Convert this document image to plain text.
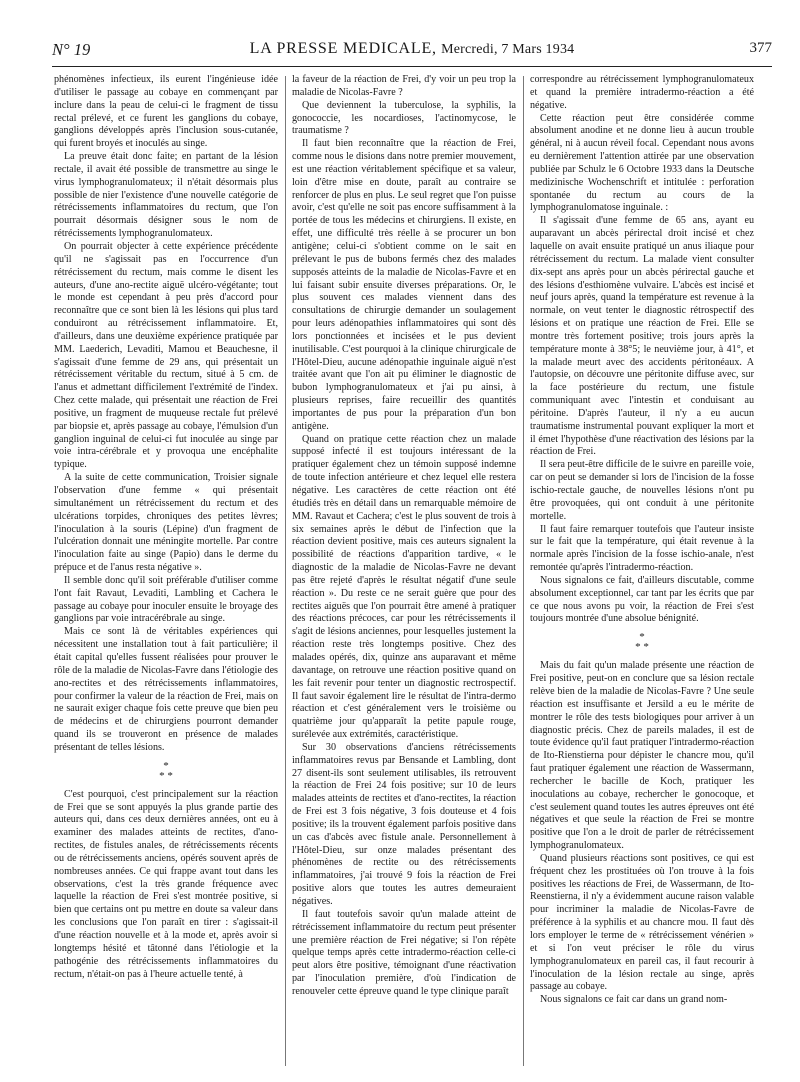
N° 19	LA PRESSE MEDICALE, Mercredi, 7 Mars 1934	377

phénomènes infectieux, ils eurent l'ingénieuse idée d'utiliser le passage au cobaye en commençant par inclure dans la peau de celui-ci le fragment de tissu rectal prélevé, et ce furent les ganglions du cobaye, ganglions développés après l'inclusion sous-cutanée, qui furent broyés et inoculés au singe.

La preuve était donc faite; en partant de la lésion rectale, il avait été possible de transmettre au singe le virus lymphogranulomateux; il n'était désormais plus possible de nier l'existence d'une nouvelle catégorie de rétrécissements inflammatoires du rectum, que l'on pourrait désormais désigner sous le nom de rétrécissements lymphogranulomateux.

On pourrait objecter à cette expérience précédente qu'il ne s'agissait pas en l'occurrence d'un rétrécissement du rectum, mais comme le disent les auteurs, d'une ano-rectite aiguë ulcéro-végétante; tout le monde est cependant à peu près d'accord pour reconnaître que ce sont bien là les lésions qui plus tard conduiront au rétrécissement inflammatoire. Et, d'ailleurs, dans une deuxième expérience pratiquée par MM. Laederich, Levaditi, Mamou et Beauchesne, il s'agissait d'une femme de 29 ans, qui présentait un rétrécissement véritable du rectum, situé à 5 cm. de l'anus et admettant difficilement l'extrémité de l'index. Chez cette malade, qui présentait une réaction de Frei positive, un fragment de muqueuse rectale fut prélevé par biopsie et, après passage au cobaye, l'émulsion d'un ganglion inguinal de celui-ci fut inoculée au singe par voie intra-cérébrale et y provoqua une encéphalite typique.

A la suite de cette communication, Troisier signale l'observation d'une femme « qui présentait simultanément un rétrécissement du rectum et des ulcérations torpides, chroniques des petites lèvres; l'inoculation à la souris (Lépine) d'un fragment de l'ulcération donnait une méningite mortelle. Par contre l'inoculation faite au singe (Papio) dans le derme du prépuce et de l'anus resta négative ».

Il semble donc qu'il soit préférable d'utiliser comme l'ont fait Ravaut, Levaditi, Lambling et Cachera le passage au cobaye pour inoculer ensuite le broyage des ganglions par voie intracérébrale au singe.

Mais ce sont là de véritables expériences qui nécessitent une installation tout à fait particulière; il était capital qu'elles fussent réalisées pour prouver le rôle de la maladie de Nicolas-Favre dans l'étiologie des ano-rectites et des rétrécissements inflammatoires, pour confirmer la valeur de la réaction de Frei, mais on ne saurait exiger chaque fois cette preuve que bien peu de médecins et de chirurgiens pourront demander quand ils se trouveront en présence de malades présentant de telles lésions.

*
* *

C'est pourquoi, c'est principalement sur la réaction de Frei que se sont appuyés la plus grande partie des auteurs qui, dans ces deux dernières années, ont eu à examiner des malades atteints de rectites, d'ano-rectites, de fistules anales, de rétrécissements récents ou de rétrécissements anciens, opérés souvent après de nombreuses années. Ce qui frappe avant tout dans les observations, c'est la très grande fréquence avec laquelle la réaction de Frei s'est montrée positive, si bien que certains ont pu mettre en doute sa valeur dans les conclusions que l'on paraît en tirer : s'agissait-il d'une réaction nouvelle et à la mode et, après avoir si longtemps hésité et tâtonné dans l'étiologie et la pathogénie des rétrécissements inflammatoires du rectum, n'était-on pas à l'heure actuelle tenté, à

la faveur de la réaction de Frei, d'y voir un peu trop la maladie de Nicolas-Favre ?

Que deviennent la tuberculose, la syphilis, la gonococcie, les nocardioses, l'actinomycose, le traumatisme ?

Il faut bien reconnaître que la réaction de Frei, comme nous le disions dans notre premier mouvement, est une réaction véritablement spécifique et sa valeur, loin d'être mise en doute, paraît au contraire se renforcer de plus en plus. Le seul regret que l'on puisse avoir, c'est qu'elle ne soit pas encore suffisamment à la portée de tous les médecins et chirurgiens. Il existe, en effet, une difficulté très réelle à se procurer un bon antigène; celui-ci s'obtient comme on le sait en prélevant le pus de bubons fermés chez des malades supposés atteints de la maladie de Nicolas-Favre et en lui faisant subir ensuite diverses préparations. Or, le plus souvent ces malades viennent dans des consultations de chirurgie demander un soulagement pour leurs adénopathies inflammatoires qui sont dès lors ponctionnées et incisées et le pus devient inutilisable. C'est pourquoi à la clinique chirurgicale de l'Hôtel-Dieu, aucune adénopathie inguinale aiguë n'est traitée avant que l'on ait pu éliminer le diagnostic de bubon lymphogranulomateux et j'ai pu ainsi, à plusieurs reprises, faire recueillir des quantités importantes de pus pour la préparation d'un bon antigène.

Quand on pratique cette réaction chez un malade supposé infecté il est toujours intéressant de la pratiquer également chez un témoin supposé indemne de toute infection antérieure et chez lequel elle restera négative. Les caractères de cette réaction ont été étudiés très en détail dans un remarquable mémoire de MM. Ravaut et Cachera; c'est le plus souvent de trois à six semaines après le début de l'infection que la réaction devient positive, mais ces auteurs signalent la possibilité de réactions d'apparition tardive, « le diagnostic de la maladie de Nicolas-Favre ne devant pas être rejeté d'après le résultat négatif d'une seule réaction ». Du reste ce ne serait guère que pour des rectites aiguës que l'on pourrait être amené à pratiquer des réactions précoces, car pour les rétrécissements il s'agit de lésions anciennes, pour lesquelles justement la réaction reste très longtemps positive. Chez des malades opérés, dix, quinze ans auparavant et même davantage, on retrouve une réaction positive quand on les fait revenir pour tenter un diagnostic rectrospectif. Il faut savoir également lire le résultat de l'intra-dermo réaction et c'est généralement vers le troisième ou quatrième jour qu'apparaît la petite papule rouge, surélevée aux extrémités, caractéristique.

Sur 30 observations d'anciens rétrécissements inflammatoires revus par Bensande et Lambling, dont 27 disent-ils sont seulement utilisables, ils retrouvent la réaction de Frei 24 fois positive; sur 10 de leurs malades atteints de rectites et d'ano-rectites, la réaction de Frei est 3 fois négative, 3 fois douteuse et 4 fois positive; ils la trouvent également parfois positive dans un cas d'abcès avec fistule anale. Personnellement à l'Hôtel-Dieu, sur onze malades présentant des phénomènes de rectite ou des rétrécissements inflammatoires, j'ai trouvé 9 fois la réaction de Frei positive alors que toutes les autres demeuraient négatives.

Il faut toutefois savoir qu'un malade atteint de rétrécissement inflammatoire du rectum peut présenter une première réaction de Frei négative; si l'on répète quelque temps après cette intradermo-réaction celle-ci peut alors être positive, témoignant d'une réactivation par l'inoculation première, d'où l'indication de renouveler cette épreuve quand le type clinique paraît

correspondre au rétrécissement lymphogranulomateux et quand la première intradermo-réaction a été négative.

Cette réaction peut être considérée comme absolument anodine et ne donne lieu à aucun trouble général, ni à aucun réveil focal. Cependant nous avons eu dernièrement l'attention attirée par une observation publiée par Schulz le 6 Octobre 1933 dans la Deutsche medizinische Wochenschrift et intitulée : perforation spontanée du rectum au cours de la lymphogranulomatose inguinale. :

Il s'agissait d'une femme de 65 ans, ayant eu auparavant un abcès périrectal droit incisé et chez laquelle on avait ensuite pratiqué un anus iliaque pour rétrécissement du rectum. La malade vient consulter dix-sept ans après pour un abcès périrectal gauche et des lésions d'esthiomène vulvaire. L'abcès est incisé et neuf jours après, quand la température est revenue à la normale, on veut tenter le diagnostic rétrospectif des lésions et on pratique une réaction de Frei. Elle se montre très fortement positive; trois jours après la température monte à 38°5; le neuvième jour, à 41°, et la malade meurt avec des accidents péritonéaux. A l'autopsie, on découvre une péritonite diffuse avec, sur la face postérieure du rectum, une fistule communiquant avec l'intestin et conduisant au péritoine. D'après l'auteur, il n'y a eu aucun traumatisme instrumental pouvant expliquer la mort et il émet l'hypothèse d'une réactivation des lésions par la réaction de Frei.

Il sera peut-être difficile de le suivre en pareille voie, car on peut se demander si lors de l'incision de la fosse ischio-rectale gauche, de nouvelles lésions n'ont pu être provoquées, qui ont conduit à une péritonite mortelle.

Il faut faire remarquer toutefois que l'auteur insiste sur le fait que la température, qui était revenue à la normale après l'incision de la fosse ischio-anale, n'est remontée qu'après l'intradermo-réaction.

Nous signalons ce fait, d'ailleurs discutable, comme absolument exceptionnel, car tant par les écrits que par ce que nous avons pu voir, la réaction de Frei s'est toujours montrée d'une absolue bénignité.

*
* *

Mais du fait qu'un malade présente une réaction de Frei positive, peut-on en conclure que sa lésion rectale relève bien de la maladie de Nicolas-Favre ? Une seule réaction est insuffisante et Jersild a eu le mérite de montrer le rôle des tests biologiques pour arriver à un diagnostic précis. Chez de pareils malades, il est de toute évidence qu'il faut pratiquer l'intradermo-réaction de Ito-Rienstierna pour dépister le chancre mou, qu'il faut pratiquer également une réaction de Wassermann, rechercher le bacille de Koch, pratiquer les inoculations au cobaye, rechercher le gonocoque, et c'est seulement quand toutes les autres épreuves ont été négatives et que seule la réaction de Frei se montre positive que l'on a le droit de parler de rétrécissement lymphogranulomateux.

Quand plusieurs réactions sont positives, ce qui est fréquent chez les prostituées où l'on trouve à la fois positives les réactions de Frei, de Wassermann, de Ito-Reenstierna, il n'y a évidemment aucune raison valable pour incriminer la maladie de Nicolas-Favre de préférence à la syphilis et au chancre mou. Il faut dès lors employer le terme de « rétrécissement vénérien » et si l'on veut préciser le rôle du virus lymphogranulomateux en pareil cas, il faut recourir à l'inoculation de la lésion rectale au singe, après passage au cobaye.

Nous signalons ce fait car dans un grand nom-
